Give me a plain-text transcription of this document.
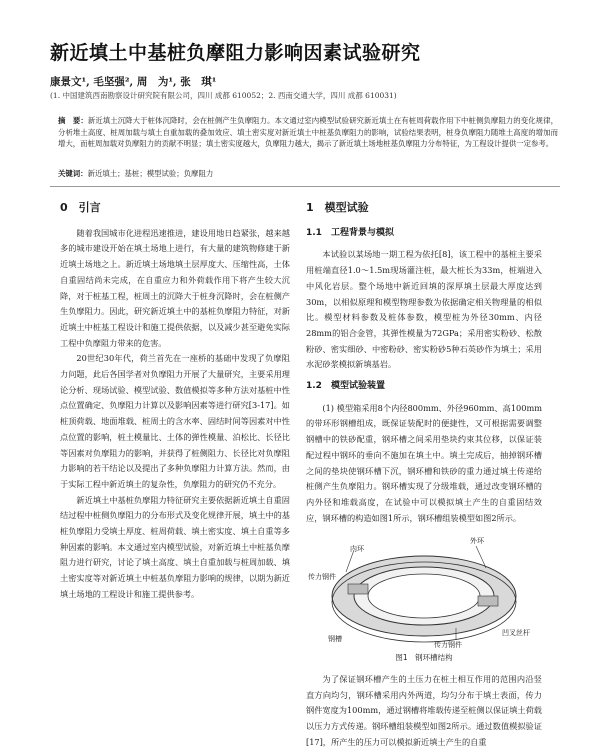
新近填土中基桩负摩阻力影响因素试验研究
康景文¹, 毛坚强², 周　为¹, 张　琪¹
(1. 中国建筑西南勘察设计研究院有限公司，四川 成都 610052；2. 西南交通大学，四川 成都 610031)
摘　要：新近填土沉降大于桩体沉降时，会在桩侧产生负摩阻力。本文通过室内模型试验研究新近填土在有桩周荷载作用下中桩侧负摩阻力的变化规律，分析堆土高度、桩周加载与填土自重加载的叠加效应、填土密实度对新近填土中桩基负摩阻力的影响，试验结果表明，桩身负摩阻力随堆土高度的增加而增大，而桩周加载对负摩阻力的贡献不明显；填土密实度越大，负摩阻力越大，揭示了新近填土场地桩基负摩阻力分布特征，为工程设计提供一定参考。
关键词：新近填土；基桩；模型试验；负摩阻力
0　引言

随着我国城市化进程迅速推进，建设用地日趋紧张，越来越多的城市建设开始在填土场地上进行，有大量的建筑物修建于新近填土场地之上。新近填土场地填土层厚度大、压缩性高，土体自重固结尚未完成，在自重应力和外荷载作用下将产生较大沉降，对于桩基工程，桩周土的沉降大于桩身沉降时，会在桩侧产生负摩阻力。因此，研究新近填土中的基桩负摩阻力特征，对新近填土中桩基工程设计和施工提供依据，以及减少甚至避免实际工程中负摩阻力带来的危害。

20世纪30年代，荷兰首先在一座桥的基础中发现了负摩阻力问题，此后各国学者对负摩阻力开展了大量研究，主要采用理论分析、现场试验、模型试验、数值模拟等多种方法对基桩中性点位置确定、负摩阻力计算以及影响因素等进行研究[3-17]。如桩顶荷载、地面堆载、桩周土的含水率、固结时间等因素对中性点位置的影响，桩土模量比、土体的弹性模量、泊松比、长径比等因素对负摩阻力的影响，并获得了桩侧阻力、长径比对负摩阻力影响的若干结论以及提出了多种负摩阻力计算方法。然而，由于实际工程中新近填土的复杂性，负摩阻力的研究仍不充分。

新近填土中基桩负摩阻力特征研究主要依据新近填土自重固结过程中桩侧负摩阻力的分布形式及变化规律开展，填土中的基桩负摩阻力受填土厚度、桩周荷载、填土密实度、填土自重等多种因素的影响。本文通过室内模型试验，对新近填土中桩基负摩阻力进行研究，讨论了填土高度、填土自重加载与桩周加载、填土密实度等对新近填土中桩基负摩阻力影响的规律，以期为新近填土场地的工程设计和施工提供参考。

1　模型试验
1.1　工程背景与模拟

本试验以某场地一期工程为依托[8]，该工程中的基桩主要采用桩端直径1.0～1.5m现场灌注桩，最大桩长为33m，桩端进入中风化岩层。整个场地中新近回填的深厚填土层最大厚度达到30m，以相似原理和模型物理参数为依据确定相关物理量的相似比。模型材料参数及桩体参数，模型桩为外径30mm、内径28mm的铝合金管，其弹性模量为72GPa；采用密实粉砂、松散粉砂、密实细砂、中密粉砂、密实粉砂5种石英砂作为填土；采用水泥砂浆模拟新填基岩。

1.2　模型试验装置

(1) 模型箱采用8个内径800mm、外径960mm、高100mm的带环形钢槽组成，既保证装配时的便捷性，又可根据需要调整钢槽中的铁砂配重，钢环槽之间采用垫块约束其位移，以保证装配过程中钢环的垂向不施加在填土中。填土完成后，抽掉钢环槽之间的垫块使钢环槽下沉，钢环槽和铁砂的重力通过填土传递给桩侧产生负摩阻力。钢环槽实现了分级堆载，通过改变钢环槽的内外径和堆载高度，在试验中可以模拟填土产生的自重固结效应，钢环槽的构造如图1所示，钢环槽组装模型如图2所示。

外环
内环
传力钢件
钢槽
传力钢件
凹叉丝杆
图1　钢环槽结构

为了保证钢环槽产生的土压力在桩土相互作用的范围内沿竖直方向均匀，钢环槽采用内外两道，均匀分布于填土表面，传力钢件宽度为100mm，通过钢槽将堆载传递至桩侧以保证填土荷载以压力方式传递。钢环槽组装模型如图2所示。通过数值模拟验证[17]，所产生的压力可以模拟新近填土产生的自重
